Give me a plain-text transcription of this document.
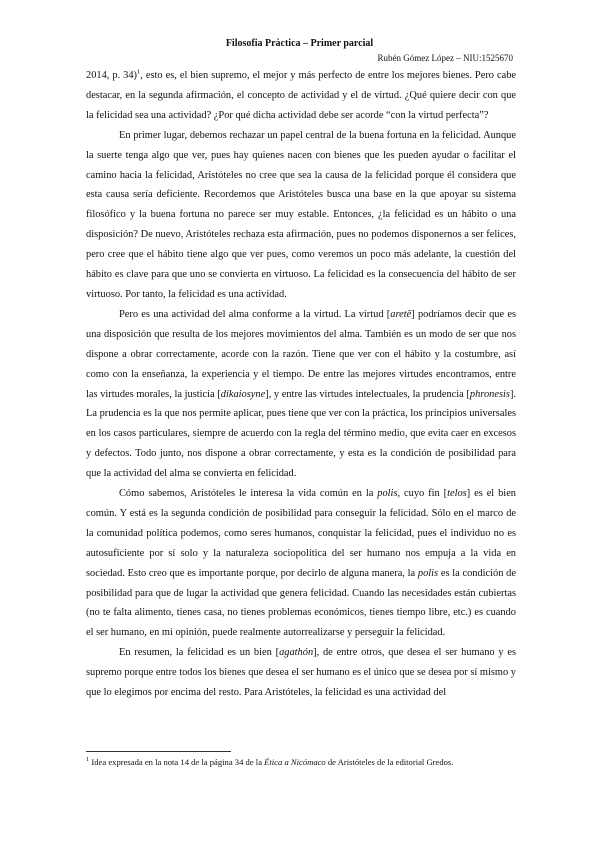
Filosofia Pràctica – Primer parcial
Rubén Gómez López – NIU:1525670

2014, p. 34)$^1$, esto es, el bien supremo, el mejor y más perfecto de entre los mejores bienes. Pero cabe destacar, en la segunda afirmación, el concepto de actividad y el de virtud. ¿Qué quiere decir con que la felicidad sea una actividad? ¿Por qué dicha actividad debe ser acorde “con la virtud perfecta”?

En primer lugar, debemos rechazar un papel central de la buena fortuna en la felicidad. Aunque la suerte tenga algo que ver, pues hay quienes nacen con bienes que les pueden ayudar o facilitar el camino hacia la felicidad, Aristóteles no cree que sea la causa de la felicidad porque él considera que esta causa sería deficiente. Recordemos que Aristóteles busca una base en la que apoyar su sistema filosófico y la buena fortuna no parece ser muy estable. Entonces, ¿la felicidad es un hábito o una disposición? De nuevo, Aristóteles rechaza esta afirmación, pues no podemos disponernos a ser felices, pero cree que el hábito tiene algo que ver pues, como veremos un poco más adelante, la cuestión del hábito es clave para que uno se convierta en virtuoso. La felicidad es la consecuencia del hábito de ser virtuoso. Por tanto, la felicidad es una actividad.

Pero es una actividad del alma conforme a la virtud. La virtud [aretē] podríamos decir que es una disposición que resulta de los mejores movimientos del alma. También es un modo de ser que nos dispone a obrar correctamente, acorde con la razón. Tiene que ver con el hábito y la costumbre, así como con la enseñanza, la experiencia y el tiempo. De entre las mejores virtudes encontramos, entre las virtudes morales, la justicia [dikaiosyne], y entre las virtudes intelectuales, la prudencia [phronesis]. La prudencia es la que nos permite aplicar, pues tiene que ver con la práctica, los principios universales en los casos particulares, siempre de acuerdo con la regla del término medio, que evita caer en excesos y defectos. Todo junto, nos dispone a obrar correctamente, y esta es la condición de posibilidad para que la actividad del alma se convierta en felicidad.

Cómo sabemos, Aristóteles le interesa la vida común en la polis, cuyo fin [telos] es el bien común. Y está es la segunda condición de posibilidad para conseguir la felicidad. Sólo en el marco de la comunidad política podemos, como seres humanos, conquistar la felicidad, pues el individuo no es autosuficiente por sí solo y la naturaleza sociopolítica del ser humano nos empuja a la vida en sociedad. Esto creo que es importante porque, por decirlo de alguna manera, la polis es la condición de posibilidad para que de lugar la actividad que genera felicidad. Cuando las necesidades están cubiertas (no te falta alimento, tienes casa, no tienes problemas económicos, tienes tiempo libre, etc.) es cuando el ser humano, en mi opinión, puede realmente autorrealizarse y perseguir la felicidad.

En resumen, la felicidad es un bien [agathón], de entre otros, que desea el ser humano y es supremo porque entre todos los bienes que desea el ser humano es el único que se desea por sí mismo y que lo elegimos por encima del resto. Para Aristóteles, la felicidad es una actividad del

$^1$ Idea expresada en la nota 14 de la página 34 de la Ética a Nicómaco de Aristóteles de la editorial Gredos.
